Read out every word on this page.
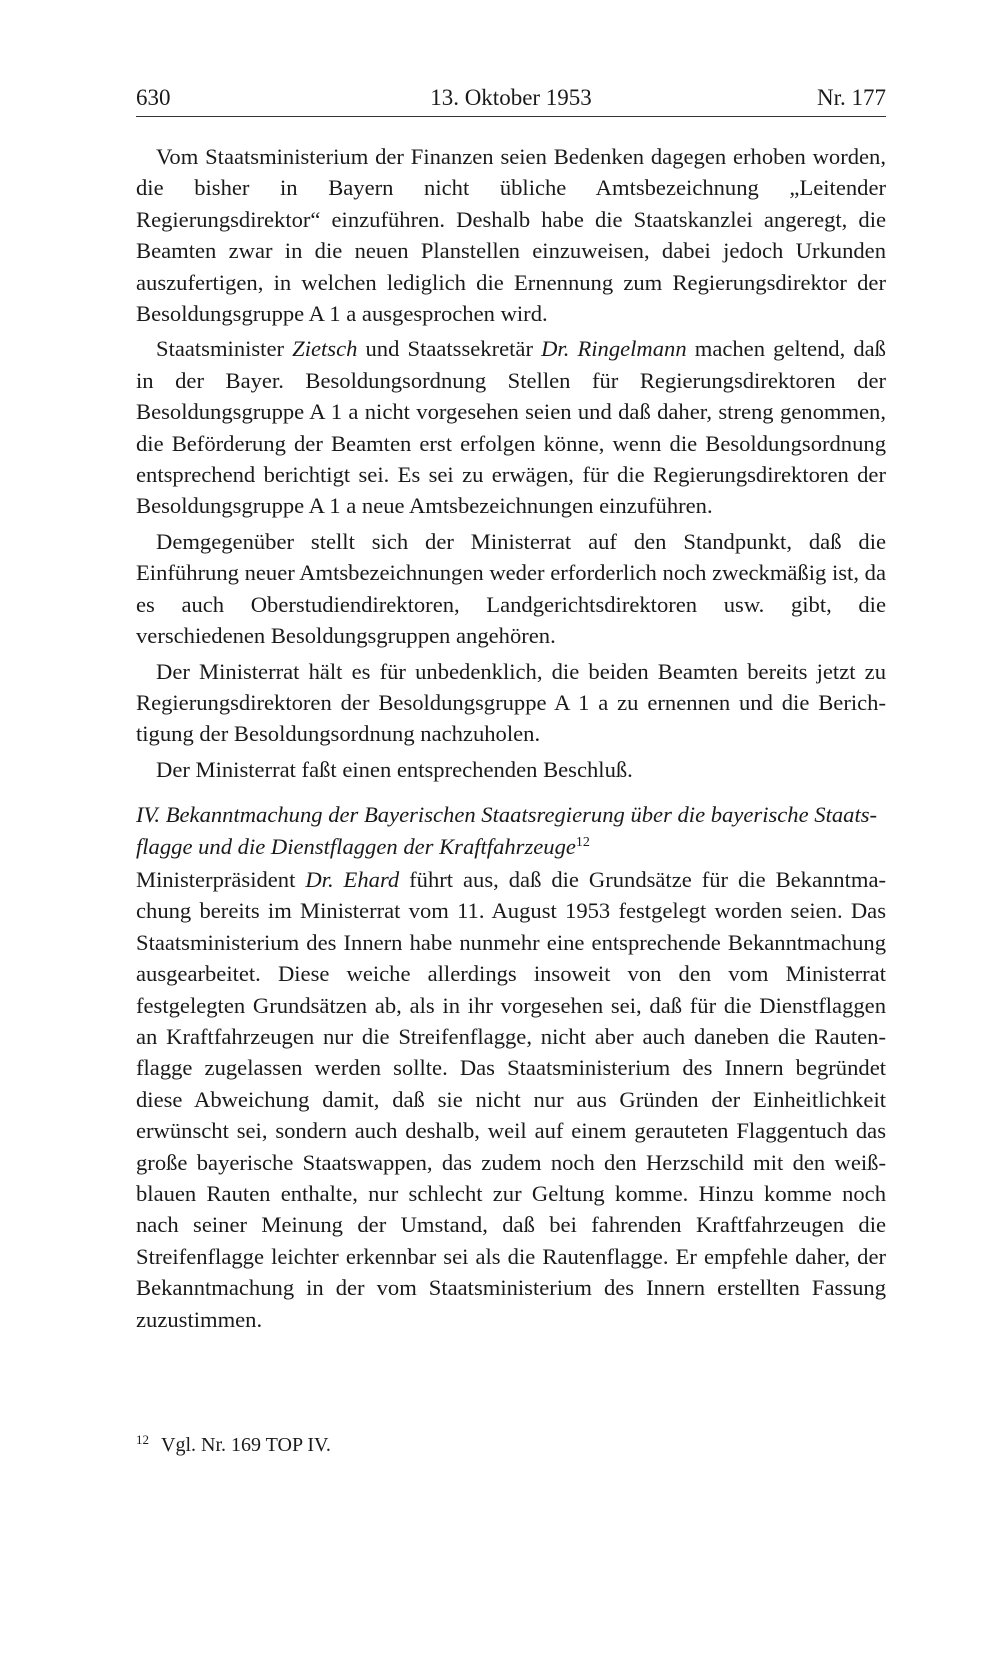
630	13. Oktober 1953	Nr. 177

Vom Staatsministerium der Finanzen seien Bedenken dagegen erhoben worden, die bisher in Bayern nicht übliche Amtsbezeichnung „Leitender Regierungsdirektor“ einzuführen. Deshalb habe die Staatskanzlei angeregt, die Beamten zwar in die neuen Planstellen einzuweisen, dabei jedoch Urkunden auszufertigen, in welchen lediglich die Ernennung zum Regierungsdirektor der Besoldungsgruppe A 1 a ausgesprochen wird.

Staatsminister Zietsch und Staatssekretär Dr. Ringelmann machen geltend, daß in der Bayer. Besoldungsordnung Stellen für Regierungsdirektoren der Besoldungsgruppe A 1 a nicht vorgesehen seien und daß daher, streng genommen, die Beförderung der Beamten erst erfolgen könne, wenn die Besoldungsordnung entsprechend berichtigt sei. Es sei zu erwägen, für die Regierungsdirektoren der Besoldungsgruppe A 1 a neue Amtsbezeichnungen einzuführen.

Demgegenüber stellt sich der Ministerrat auf den Standpunkt, daß die Einführung neuer Amtsbezeichnungen weder erforderlich noch zweckmäßig ist, da es auch Oberstudiendirektoren, Landgerichtsdirektoren usw. gibt, die verschiedenen Besoldungsgruppen angehören.

Der Ministerrat hält es für unbedenklich, die beiden Beamten bereits jetzt zu Regierungsdirektoren der Besoldungsgruppe A 1 a zu ernennen und die Berichtigung der Besoldungsordnung nachzuholen.

Der Ministerrat faßt einen entsprechenden Beschluß.

IV. Bekanntmachung der Bayerischen Staatsregierung über die bayerische Staatsflagge und die Dienstflaggen der Kraftfahrzeuge$^{12}$

Ministerpräsident Dr. Ehard führt aus, daß die Grundsätze für die Bekanntmachung bereits im Ministerrat vom 11. August 1953 festgelegt worden seien. Das Staatsministerium des Innern habe nunmehr eine entsprechende Bekanntmachung ausgearbeitet. Diese weiche allerdings insoweit von den vom Ministerrat festgelegten Grundsätzen ab, als in ihr vorgesehen sei, daß für die Dienstflaggen an Kraftfahrzeugen nur die Streifenflagge, nicht aber auch daneben die Rautenflagge zugelassen werden sollte. Das Staatsministerium des Innern begründet diese Abweichung damit, daß sie nicht nur aus Gründen der Einheitlichkeit erwünscht sei, sondern auch deshalb, weil auf einem gerauteten Flaggentuch das große bayerische Staatswappen, das zudem noch den Herzschild mit den weißblauen Rauten enthalte, nur schlecht zur Geltung komme. Hinzu komme noch nach seiner Meinung der Umstand, daß bei fahrenden Kraftfahrzeugen die Streifenflagge leichter erkennbar sei als die Rautenflagge. Er empfehle daher, der Bekanntmachung in der vom Staatsministerium des Innern erstellten Fassung zuzustimmen.

$^{12}$ Vgl. Nr. 169 TOP IV.
